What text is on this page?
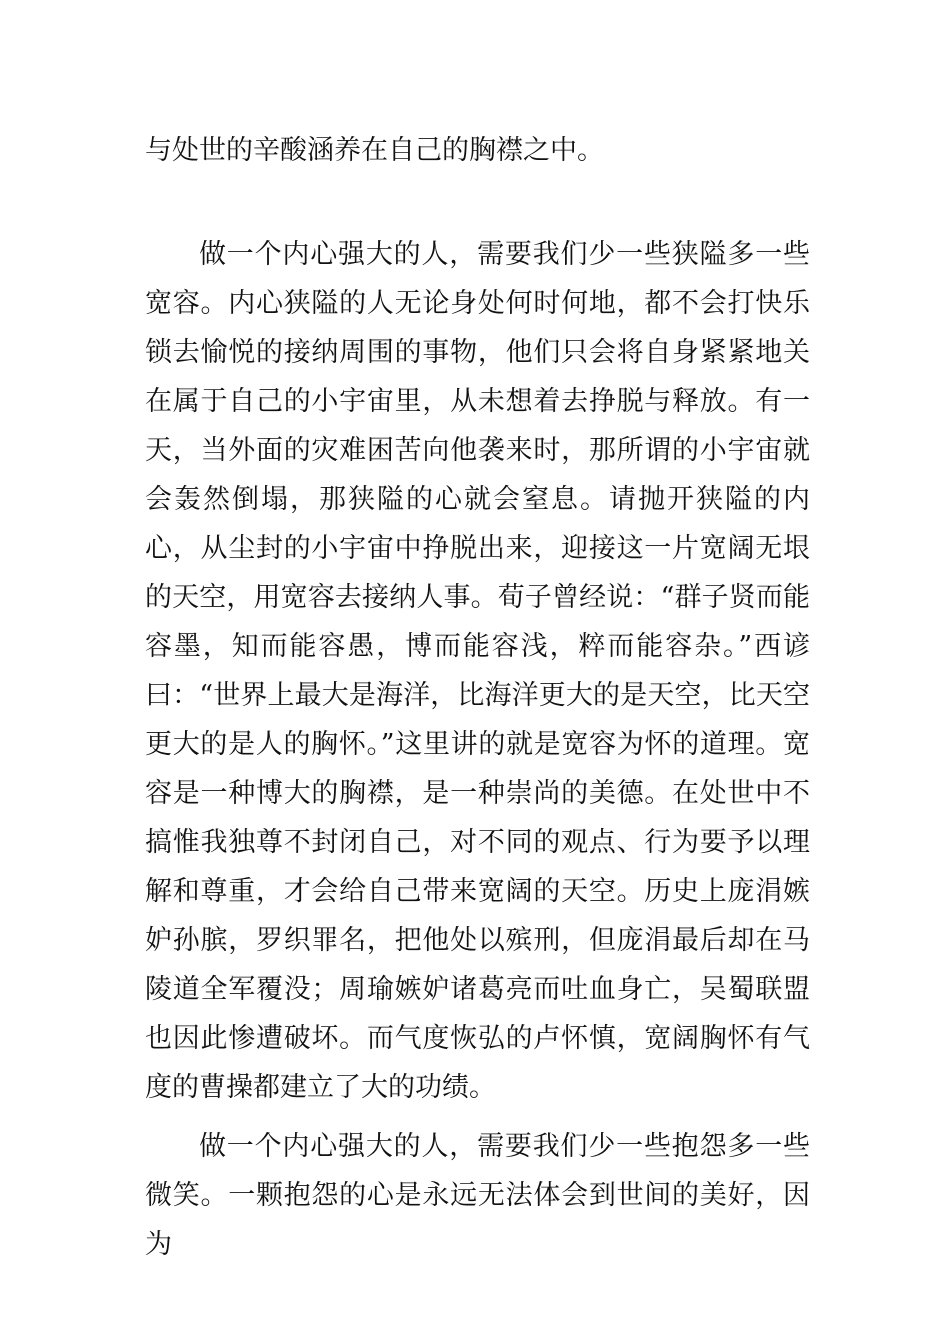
与处世的辛酸涵养在自己的胸襟之中。

做一个内心强大的人，需要我们少一些狭隘多一些宽容。内心狭隘的人无论身处何时何地，都不会打快乐锁去愉悦的接纳周围的事物，他们只会将自身紧紧地关在属于自己的小宇宙里，从未想着去挣脱与释放。有一天，当外面的灾难困苦向他袭来时，那所谓的小宇宙就会轰然倒塌，那狭隘的心就会窒息。请抛开狭隘的内心，从尘封的小宇宙中挣脱出来，迎接这一片宽阔无垠的天空，用宽容去接纳人事。荀子曾经说：“群子贤而能容墨，知而能容愚，博而能容浅，粹而能容杂。”西谚曰：“世界上最大是海洋，比海洋更大的是天空，比天空更大的是人的胸怀。”这里讲的就是宽容为怀的道理。宽容是一种博大的胸襟，是一种崇尚的美德。在处世中不搞惟我独尊不封闭自己，对不同的观点、行为要予以理解和尊重，才会给自己带来宽阔的天空。历史上庞涓嫉妒孙膑，罗织罪名，把他处以殡刑，但庞涓最后却在马陵道全军覆没；周瑜嫉妒诸葛亮而吐血身亡，吴蜀联盟也因此惨遭破坏。而气度恢弘的卢怀慎，宽阔胸怀有气度的曹操都建立了大的功绩。

做一个内心强大的人，需要我们少一些抱怨多一些微笑。一颗抱怨的心是永远无法体会到世间的美好，因为
